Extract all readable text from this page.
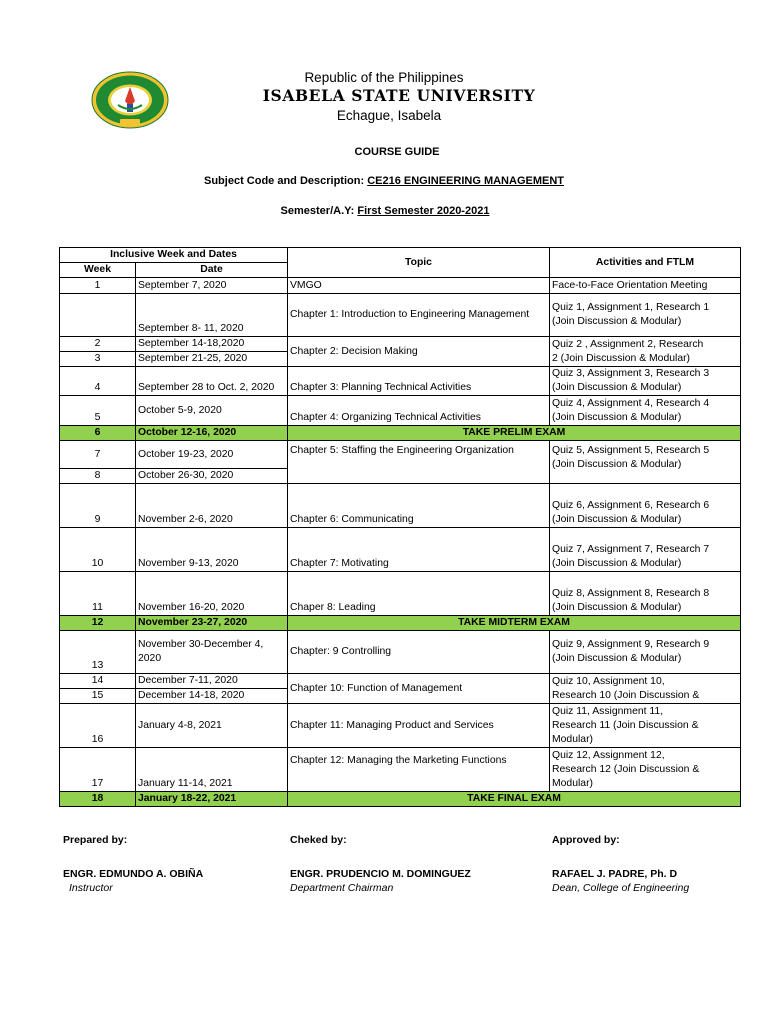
Republic of the Philippines
ISABELA STATE UNIVERSITY
Echague, Isabela
COURSE GUIDE
Subject Code and Description: CE216 ENGINEERING MANAGEMENT
Semester/A.Y: First Semester 2020-2021
Inclusive Week and Dates		Topic	Activities and FTLM
Week	Date		
1	September 7, 2020	VMGO	Face-to-Face Orientation Meeting
	September 8- 11, 2020	Chapter 1: Introduction to Engineering Management	Quiz 1, Assignment 1, Research 1
(Join Discussion & Modular)
2	September 14-18,2020	Chapter 2: Decision Making	Quiz 2 , Assignment 2, Research
2 (Join Discussion & Modular)
3	September 21-25, 2020		
4	September 28 to Oct. 2, 2020	Chapter 3: Planning Technical Activities	Quiz 3, Assignment 3, Research 3
(Join Discussion & Modular)
5	October 5-9, 2020	Chapter 4: Organizing Technical Activities	Quiz 4, Assignment 4, Research 4
(Join Discussion & Modular)
6	October 12-16, 2020	TAKE PRELIM EXAM	
7	October 19-23, 2020	Chapter 5: Staffing the Engineering Organization	Quiz 5, Assignment 5, Research 5
(Join Discussion & Modular)
8	October 26-30, 2020		
9	November 2-6, 2020	Chapter 6: Communicating	Quiz 6, Assignment 6, Research 6
(Join Discussion & Modular)
10	November 9-13, 2020	Chapter 7: Motivating	Quiz 7, Assignment 7, Research 7
(Join Discussion & Modular)
11	November 16-20, 2020	Chaper 8: Leading	Quiz 8, Assignment 8, Research 8
(Join Discussion & Modular)
12	November 23-27, 2020	TAKE MIDTERM EXAM	
13	November 30-December 4, 2020	Chapter: 9 Controlling	Quiz 9, Assignment 9, Research 9
(Join Discussion & Modular)
14	December 7-11, 2020	Chapter 10: Function of Management	Quiz 10, Assignment 10,
Research 10 (Join Discussion &
15	December 14-18, 2020		
16	January 4-8, 2021	Chapter 11: Managing Product and Services	Quiz 11, Assignment 11,
Research 11 (Join Discussion &
Modular)
17	January 11-14, 2021	Chapter 12: Managing the Marketing Functions	Quiz 12, Assignment 12,
Research 12 (Join Discussion &
Modular)
18	January 18-22, 2021	TAKE FINAL EXAM	
Prepared by:
ENGR. EDMUNDO A. OBIÑA
Instructor
Cheked by:
ENGR. PRUDENCIO M. DOMINGUEZ
Department Chairman
Approved by:
RAFAEL J. PADRE, Ph. D
Dean, College of Engineering
